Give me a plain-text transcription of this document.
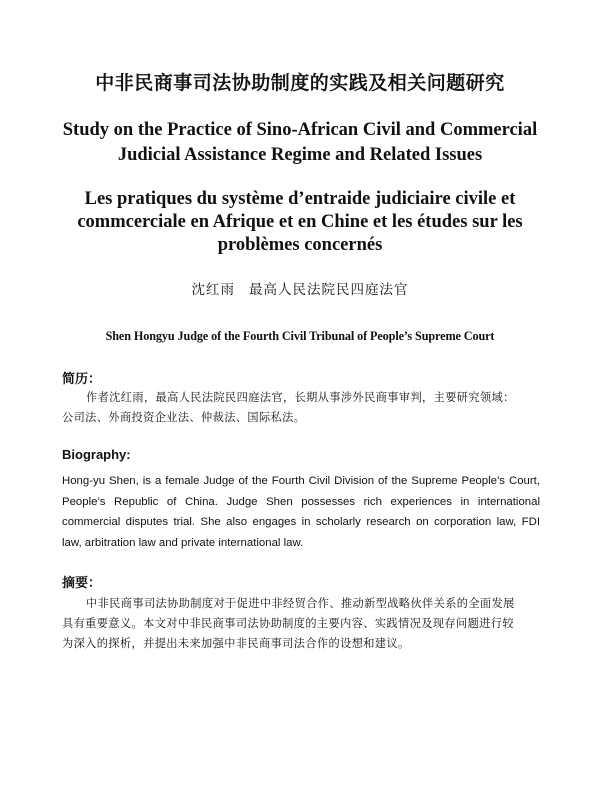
中非民商事司法协助制度的实践及相关问题研究
Study on the Practice of Sino-African Civil and Commercial
Judicial Assistance Regime and Related Issues
Les pratiques du système d’entraide judiciaire civile et
commcerciale en Afrique et en Chine et les études sur les
problèmes concernés
沈红雨 最高人民法院民四庭法官
Shen Hongyu Judge of the Fourth Civil Tribunal of People’s Supreme Court
简历：

作者沈红雨，最高人民法院民四庭法官，长期从事涉外民商事审判，主要研究领域：

公司法、外商投资企业法、仲裁法、国际私法。

Biography:
Hong-yu Shen, is a female Judge of the Fourth Civil Division of the Supreme People’s Court,
People’s Republic of China. Judge Shen possesses rich experiences in international
commercial disputes trial. She also engages in scholarly research on corporation law, FDI
law, arbitration law and private international law.
摘要：

中非民商事司法协助制度对于促进中非经贸合作、推动新型战略伙伴关系的全面发展

具有重要意义。本文对中非民商事司法协助制度的主要内容、实践情况及现存问题进行较

为深入的探析，并提出未来加强中非民商事司法合作的设想和建议。
